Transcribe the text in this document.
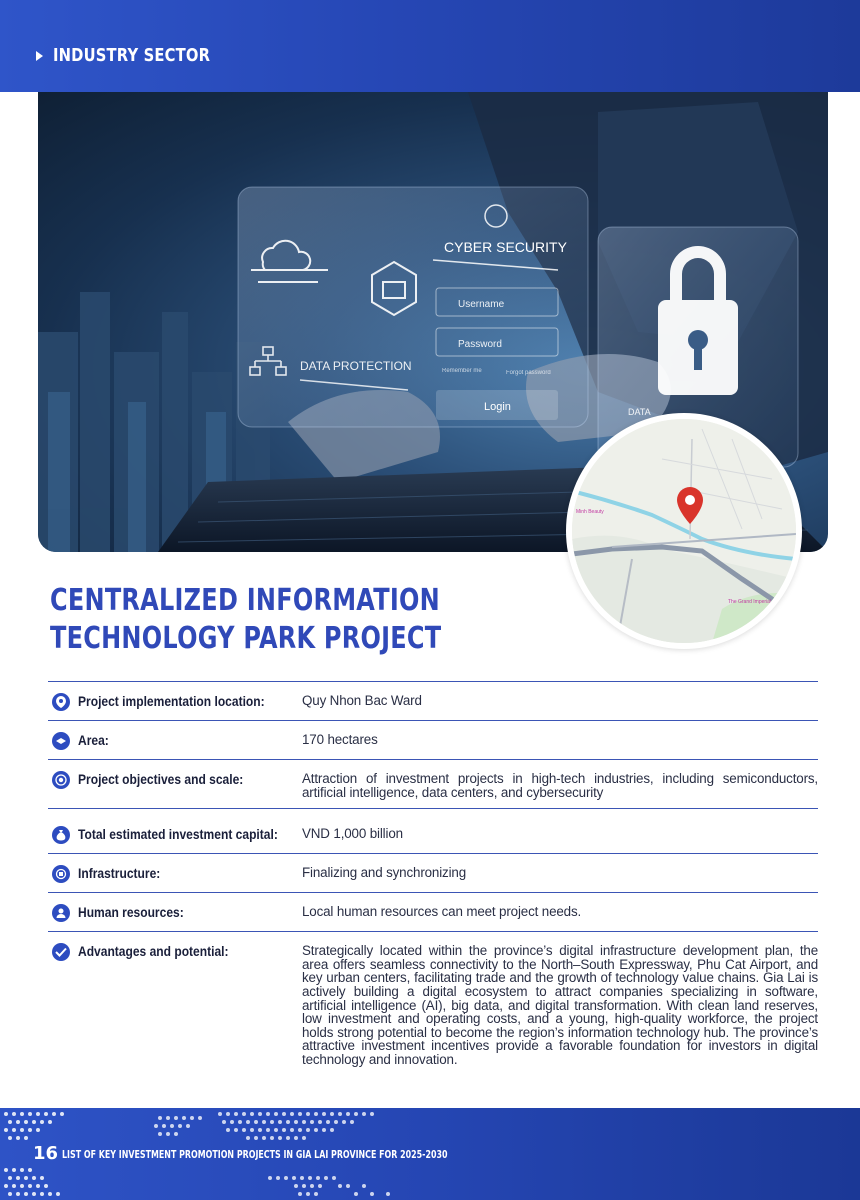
INDUSTRY SECTOR
DATA PROTECTION
CYBER SECURITY
Username
Password
Remember me	Forgot password
Login	DATA
Minh Beauty
The Grand Imperial Hotel
CENTRALIZED INFORMATION
TECHNOLOGY PARK PROJECT
Project implementation location:	Quy Nhon Bac Ward
Area:	170 hectares
Project objectives and scale:	Attraction of investment projects in high-tech industries, including semiconductors, artificial intelligence, data centers, and cybersecurity
Total estimated investment capital: VND 1,000 billion
Infrastructure:	Finalizing and synchronizing
Human resources:	Local human resources can meet project needs.
Advantages and potential:	Strategically located within the province’s digital infrastructure development plan, the area offers seamless connectivity to the North–South Expressway, Phu Cat Airport, and key urban centers, facilitating trade and the growth of technology value chains. Gia Lai is actively building a digital ecosystem to attract companies specializing in software, artificial intelligence (AI), big data, and digital transformation. With clean land reserves, low investment and operating costs, and a young, high-quality workforce, the project holds strong potential to become the region’s information technology hub. The province’s attractive investment incentives provide a favorable foundation for investors in digital technology and innovation.
16 LIST OF KEY INVESTMENT PROMOTION PROJECTS IN GIA LAI PROVINCE FOR 2025-2030
